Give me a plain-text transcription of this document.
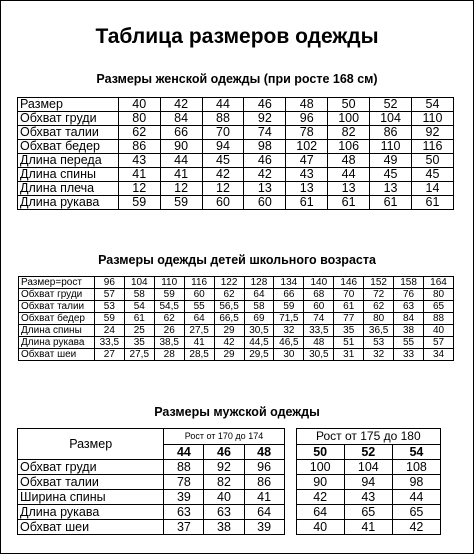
Таблица размеров одежды
Размеры женской одежды (при росте 168 см)
Размер	40	42	44	46	48	50	52	54
Обхват груди	80	84	88	92	96	100	104	110
Обхват талии	62	66	70	74	78	82	86	92
Обхват бедер	86	90	94	98	102	106	110	116
Длина переда	43	44	45	46	47	48	49	50
Длина спины	41	41	42	42	43	44	45	45
Длина плеча	12	12	12	13	13	13	13	14
Длина рукава	59	59	60	60	61	61	61	61
Размеры одежды детей школьного возраста
Размер=рост	96	104	110	116	122	128	134	140	146	152	158	164
Обхват груди	57	58	59	60	62	64	66	68	70	72	76	80
Обхват талии	53	54	54,5	55	56,5	58	59	60	61	62	63	65
Обхват бедер	59	61	62	64	66,5	69	71,5	74	77	80	84	88
Длина спины	24	25	26	27,5	29	30,5	32	33,5	35	36,5	38	40
Длина рукава	33,5	35	38,5	41	42	44,5	46,5	48	51	53	55	57
Обхват шеи	27	27,5	28	28,5	29	29,5	30	30,5	31	32	33	34
Размеры мужской одежды
Размер	Рост от 170 до 174				Рост от 175 до 180		
	44	46	48		50	52	54
Обхват груди	88	92	96		100	104	108
Обхват талии	78	82	86		90	94	98
Ширина спины	39	40	41		42	43	44
Длина рукава	63	63	64		64	65	65
Обхват шеи	37	38	39		40	41	42
